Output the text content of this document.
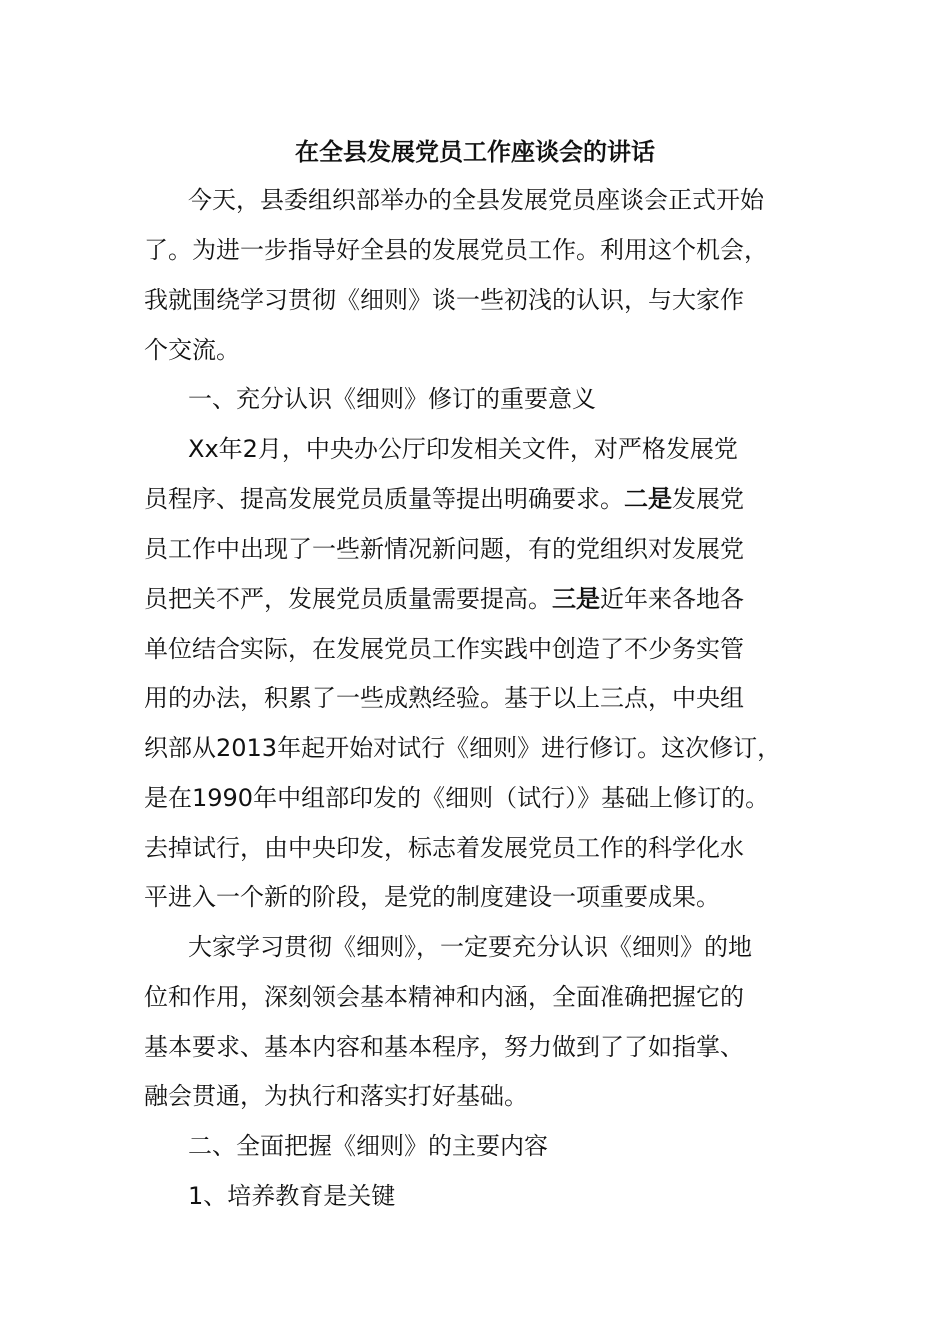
在全县发展党员工作座谈会的讲话
今天，县委组织部举办的全县发展党员座谈会正式开始
了。为进一步指导好全县的发展党员工作。利用这个机会，
我就围绕学习贯彻《细则》谈一些初浅的认识，与大家作
个交流。
一、充分认识《细则》修订的重要意义
Xx年2月，中央办公厅印发相关文件，对严格发展党
员程序、提高发展党员质量等提出明确要求。二是发展党
员工作中出现了一些新情况新问题，有的党组织对发展党
员把关不严，发展党员质量需要提高。三是近年来各地各
单位结合实际，在发展党员工作实践中创造了不少务实管
用的办法，积累了一些成熟经验。基于以上三点，中央组
织部从2013年起开始对试行《细则》进行修订。这次修订，
是在1990年中组部印发的《细则（试行）》基础上修订的。
去掉试行，由中央印发，标志着发展党员工作的科学化水
平进入一个新的阶段，是党的制度建设一项重要成果。
大家学习贯彻《细则》，一定要充分认识《细则》的地
位和作用，深刻领会基本精神和内涵，全面准确把握它的
基本要求、基本内容和基本程序，努力做到了了如指掌、
融会贯通，为执行和落实打好基础。
二、全面把握《细则》的主要内容
1、培养教育是关键
